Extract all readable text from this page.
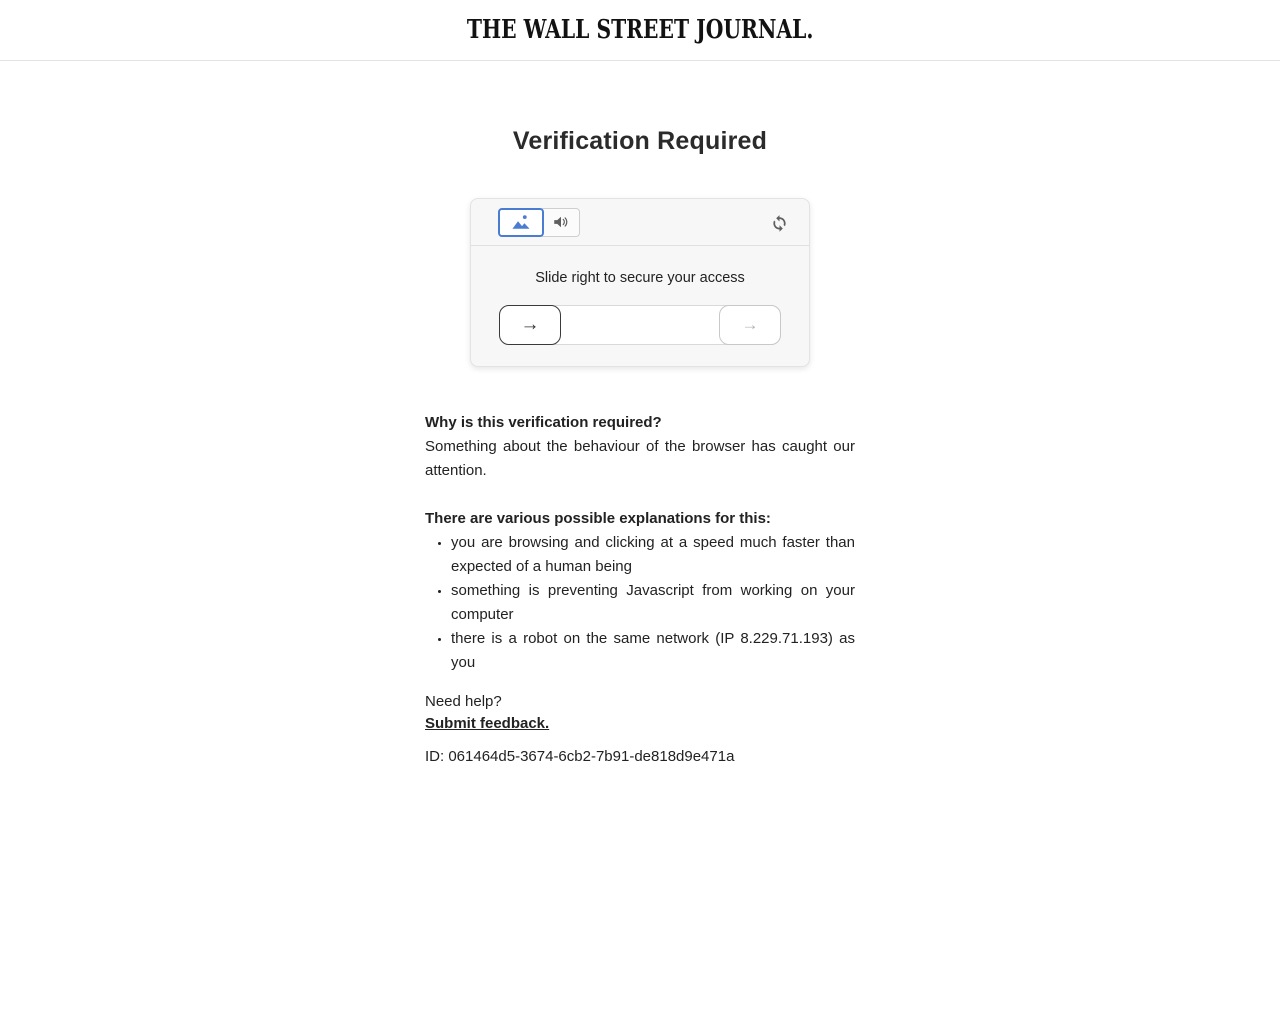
THE WALL STREET JOURNAL.
Verification Required
Slide right to secure your access
→	→

Why is this verification required?

Something about the behaviour of the browser has caught our attention.

There are various possible explanations for this:

• you are browsing and clicking at a speed much faster than expected of a human being
• something is preventing Javascript from working on your computer
• there is a robot on the same network (IP 8.229.71.193) as you

Need help?

Submit feedback.

ID: 061464d5-3674-6cb2-7b91-de818d9e471a
